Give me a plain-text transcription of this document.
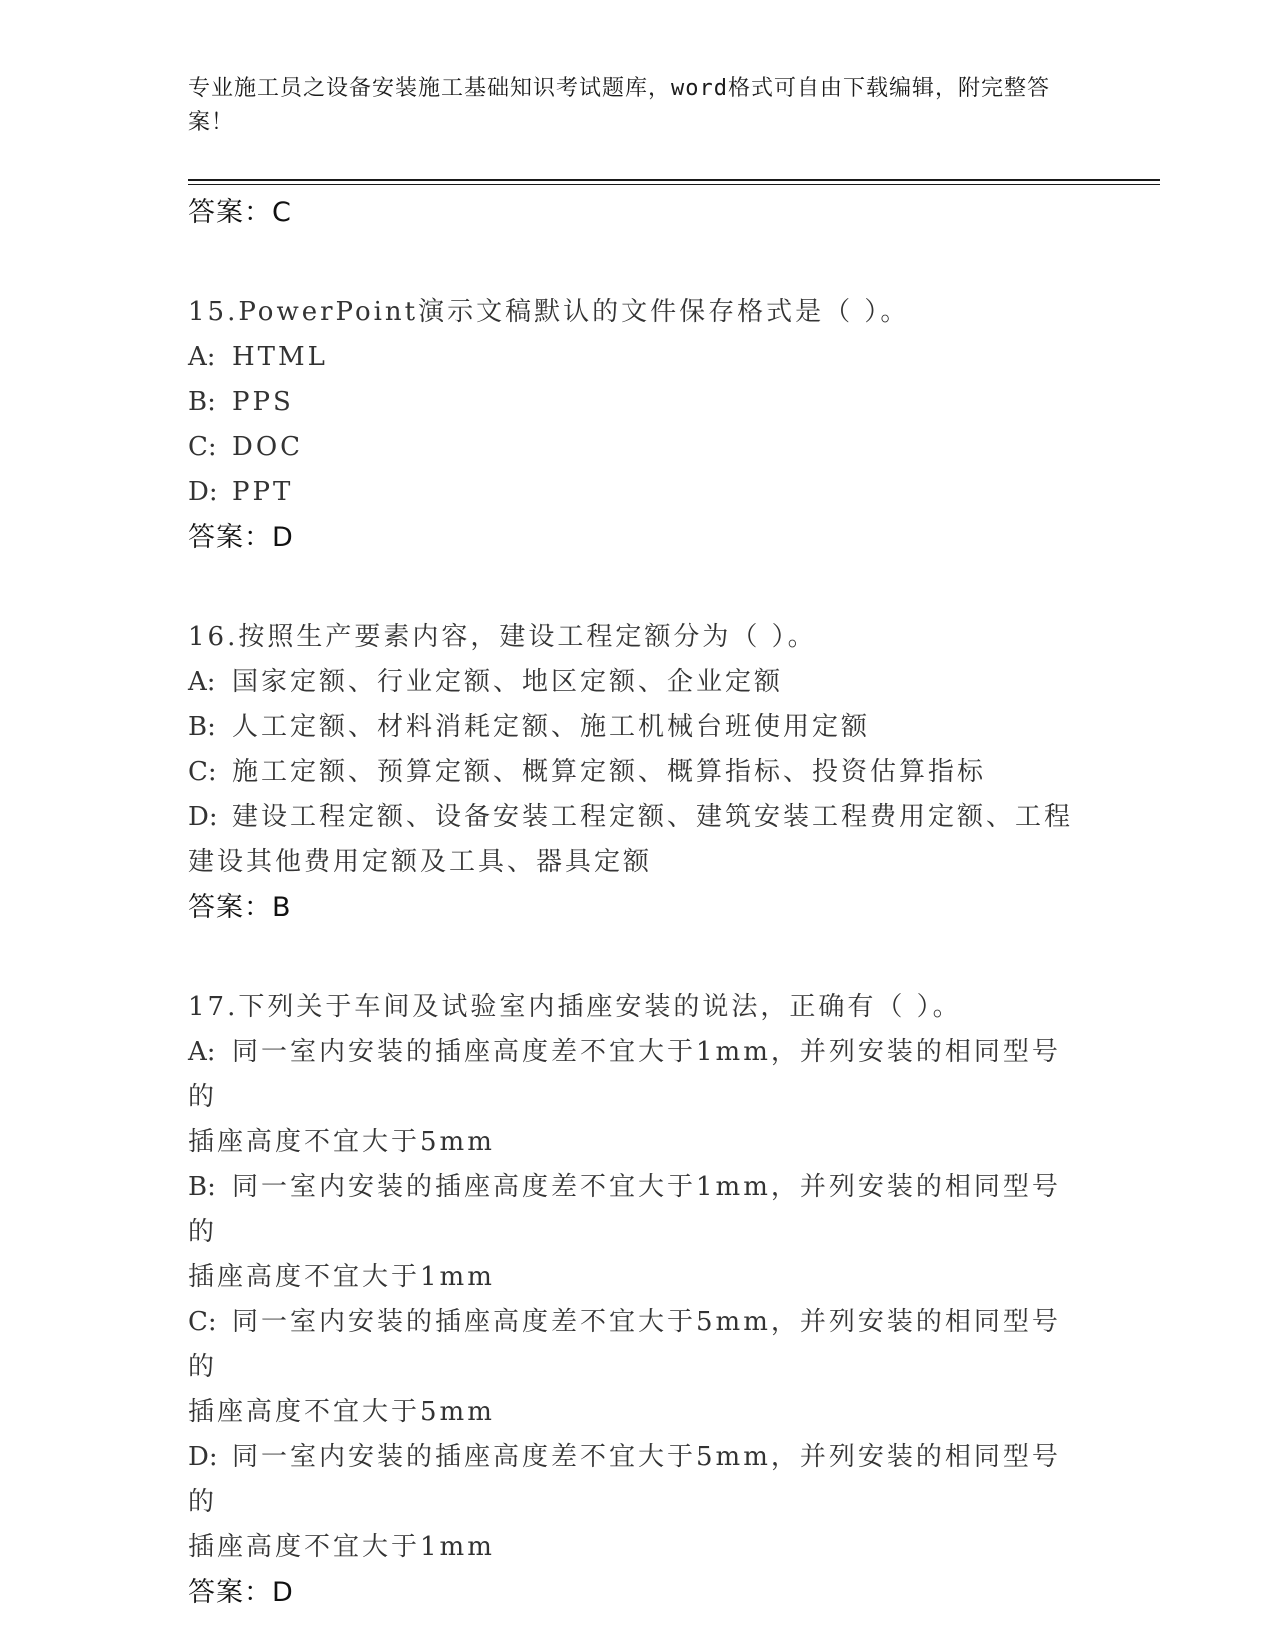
专业施工员之设备安装施工基础知识考试题库，word格式可自由下载编辑，附完整答案！
答案：C
15.PowerPoint演示文稿默认的文件保存格式是（ ）。
A: HTML
B: PPS
C: DOC
D: PPT
答案：D
16.按照生产要素内容，建设工程定额分为（ ）。
A: 国家定额、行业定额、地区定额、企业定额
B: 人工定额、材料消耗定额、施工机械台班使用定额
C: 施工定额、预算定额、概算定额、概算指标、投资估算指标
D: 建设工程定额、设备安装工程定额、建筑安装工程费用定额、工程
建设其他费用定额及工具、器具定额
答案：B
17.下列关于车间及试验室内插座安装的说法，正确有（ ）。
A: 同一室内安装的插座高度差不宜大于1mm，并列安装的相同型号的
插座高度不宜大于5mm
B: 同一室内安装的插座高度差不宜大于1mm，并列安装的相同型号的
插座高度不宜大于1mm
C: 同一室内安装的插座高度差不宜大于5mm，并列安装的相同型号的
插座高度不宜大于5mm
D: 同一室内安装的插座高度差不宜大于5mm，并列安装的相同型号的
插座高度不宜大于1mm
答案：D
